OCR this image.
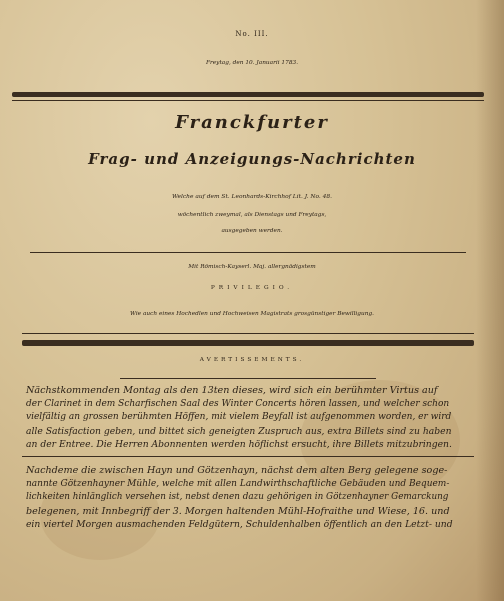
No. III.
Freytag, den 10. Januarii 1783.
Franckfurter
Frag- und Anzeigungs-Nachrichten
Welche auf dem St. Leonhards-Kirchhof Lit. J. No. 48.
wöchentlich zweymal, als Dienstags und Freytags,
ausgegeben werden.
Mit Römisch-Kayserl. Maj. allergnädigstem
PRIVILEGIO.
Wie auch eines Hochedlen und Hochweisen Magistrats grosgünstiger Bewilligung.
AVERTISSEMENTS.
Nächstkommenden Montag als den 13ten dieses, wird sich ein berühmter Virtus auf
der Clarinet in dem Scharfischen Saal des Winter Concerts hören lassen, und welcher schon
vielfältig an grossen berühmten Höffen, mit vielem Beyfall ist aufgenommen worden, er wird
alle Satisfaction geben, und bittet sich geneigten Zuspruch aus, extra Billets sind zu haben
an der Entree. Die Herren Abonnenten werden höflichst ersucht, ihre Billets mitzubringen.
Nachdeme die zwischen Hayn und Götzenhayn, nächst dem alten Berg gelegene soge-
nannte Götzenhayner Mühle, welche mit allen Landwirthschaftliche Gebäuden und Bequem-
lichkeiten hinlänglich versehen ist, nebst denen dazu gehörigen in Götzenhayner Gemarckung
belegenen, mit Innbegriff der 3. Morgen haltenden Mühl-Hofraithe und Wiese, 16. und
ein viertel Morgen ausmachenden Feldgütern, Schuldenhalben öffentlich an den Letzt- und
